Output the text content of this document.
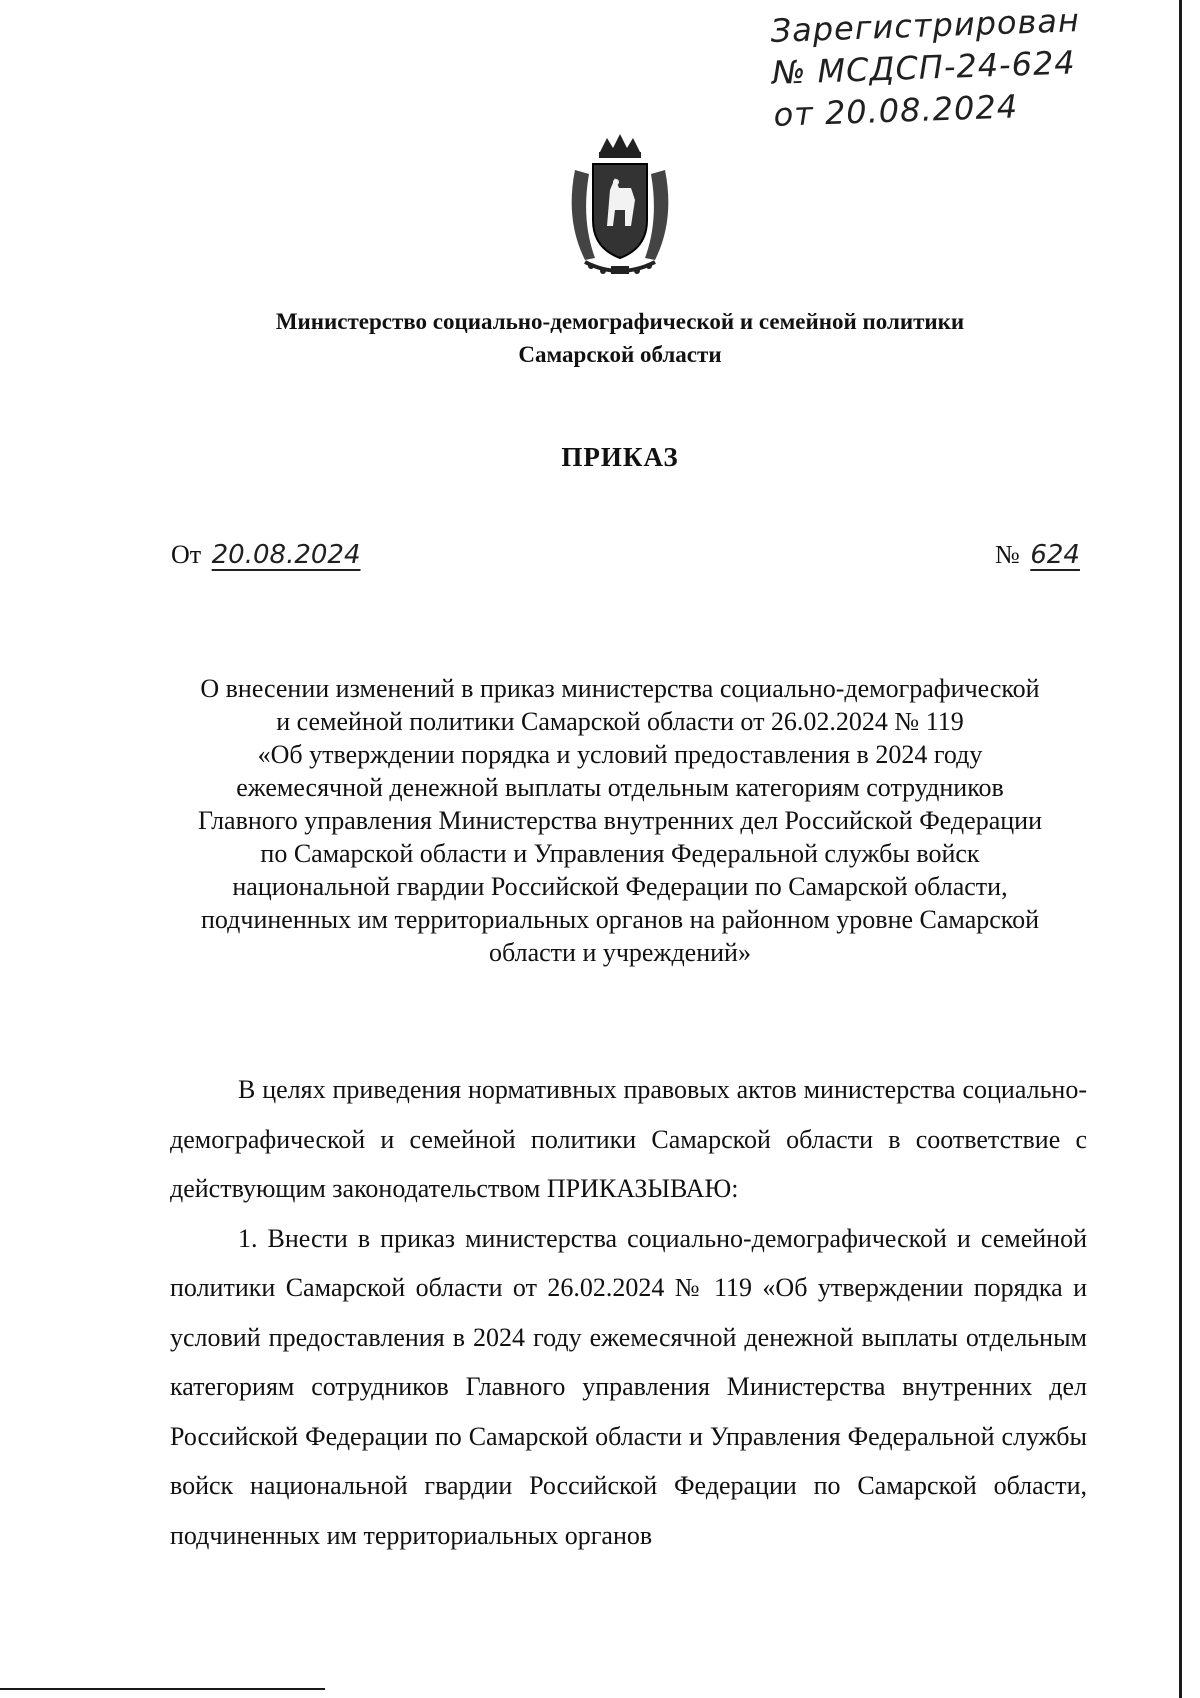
Зарегистрирован
№ МСДСП-24-624
от 20.08.2024
Министерство социально-демографической и семейной политики
Самарской области
ПРИКАЗ
От 20.08.2024	№ 624
О внесении изменений в приказ министерства социально-демографической
и семейной политики Самарской области от 26.02.2024 № 119
«Об утверждении порядка и условий предоставления в 2024 году
ежемесячной денежной выплаты отдельным категориям сотрудников
Главного управления Министерства внутренних дел Российской Федерации
по Самарской области и Управления Федеральной службы войск
национальной гвардии Российской Федерации по Самарской области,
подчиненных им территориальных органов на районном уровне Самарской
области и учреждений»

В целях приведения нормативных правовых актов министерства социально-демографической и семейной политики Самарской области в соответствие с действующим законодательством ПРИКАЗЫВАЮ:

1. Внести в приказ министерства социально-демографической и семейной политики Самарской области от 26.02.2024 № 119 «Об утверждении порядка и условий предоставления в 2024 году ежемесячной денежной выплаты отдельным категориям сотрудников Главного управления Министерства внутренних дел Российской Федерации по Самарской области и Управления Федеральной службы войск национальной гвардии Российской Федерации по Самарской области, подчиненных им территориальных органов
